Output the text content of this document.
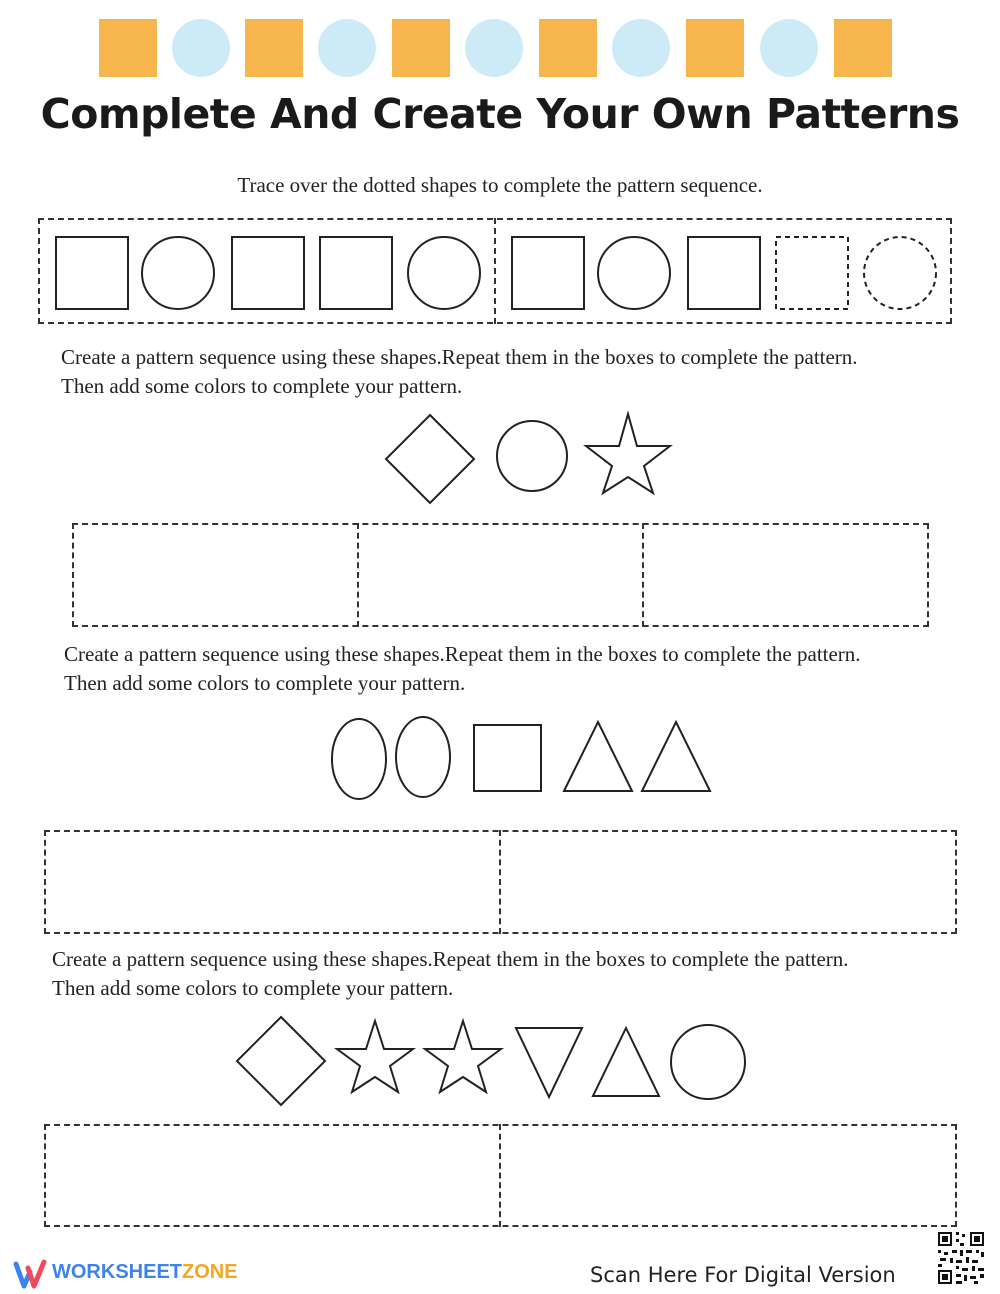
Complete And Create Your Own Patterns
Trace over the dotted shapes to complete the pattern sequence.
Create a pattern sequence using these shapes.Repeat them in the boxes to complete the pattern.
Then add some colors to complete your pattern.
Create a pattern sequence using these shapes.Repeat them in the boxes to complete the pattern.
Then add some colors to complete your pattern.
Create a pattern sequence using these shapes.Repeat them in the boxes to complete the pattern.
Then add some colors to complete your pattern.
WORKSHEETZONE	Scan Here For Digital Version
